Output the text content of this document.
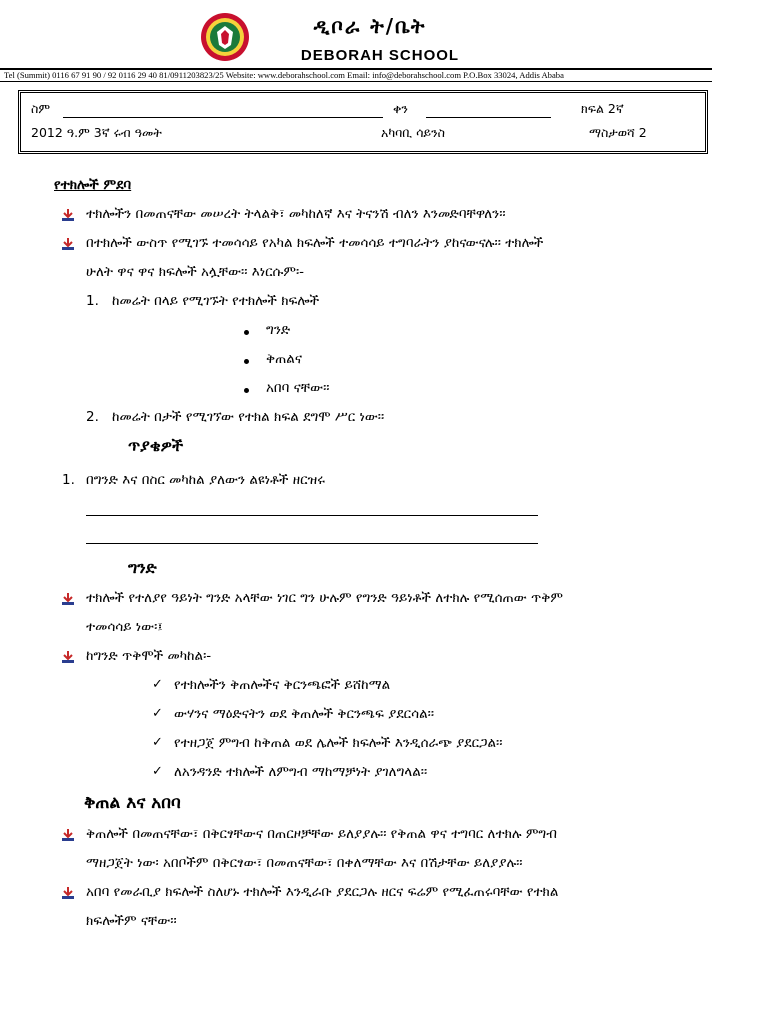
ዲቦራ ት/ቤት
DEBORAH SCHOOL
Tel (Summit) 0116 67 91 90 / 92 0116 29 40 81/0911203823/25 Website: www.deborahschool.com Email: info@deborahschool.com P.O.Box 33024, Addis Ababa
ስም	ቀን	ክፍል 2ኛ
2012 ዓ.ም 3ኛ ሩብ ዓመት	አካባቢ ሳይንስ	ማስታወሻ 2
የተክሎች ምደባ
ተክሎችን በመጠናቸው መሠረት ትላልቅ፣ መካከለኛ እና ትናንሽ ብለን እንመድባቸዋለን፡፡
በተክሎች ውስጥ የሚገኙ ተመሳሳይ የአካል ክፍሎች ተመሳሳይ ተግባራትን ያከናውናሉ፡፡ ተክሎች
ሁለት ዋና ዋና ክፍሎች አሏቸው፡፡ እነርሱም፡-
1. ከመሬት በላይ የሚገኙት የተክሎች ክፍሎች
ግንድ
ቅጠልና
አበባ ናቸው፡፡
2. ከመሬት በታች የሚገኘው የተክል ክፍል ደግሞ ሥር ነው፡፡
ጥያቄዎች
1. በግንድ እና በስር መካከል ያለውን ልዩነቶች ዘርዝሩ
ግንድ
ተክሎች የተለያየ ዓይነት ግንድ አላቸው ነገር ግን ሁሉም የግንድ ዓይነቶች ለተክሉ የሚሰጠው ጥቅም
ተመሳሳይ ነው፡፤
ከግንድ ጥቅሞች መካከል፡-
✓ የተክሎችን ቅጠሎችና ቅርንጫፎች ይሸከማል
✓ ውሃንና ማዕድናትን ወደ ቅጠሎች ቅርንጫፍ ያደርሳል፡፡
✓ የተዘጋጀ ምግብ ከቅጠል ወደ ሌሎች ክፍሎች እንዲሰራጭ ያደርጋል፡፡
✓ ለአንዳንድ ተክሎች ለምግብ ማከማቻነት ያገለግላል፡፡
ቅጠል እና አበባ
ቅጠሎች በመጠናቸው፣ በቅርፃቸውና በጠርዞቻቸው ይለያያሉ፡፡ የቅጠል ዋና ተግባር ለተክሉ ምግብ
ማዘጋጀት ነው፡ አበቦችም በቅርፃው፣ በመጠናቸው፣ በቀለማቸው እና በሽታቸው ይለያያሉ፡፡
አበባ የመራቢያ ክፍሎች ስለሆኑ ተክሎች እንዲራቡ ያደርጋሉ ዘርና ፍሬም የሚፈጠሩባቸው የተክል
ክፍሎችም ናቸው፡፡
